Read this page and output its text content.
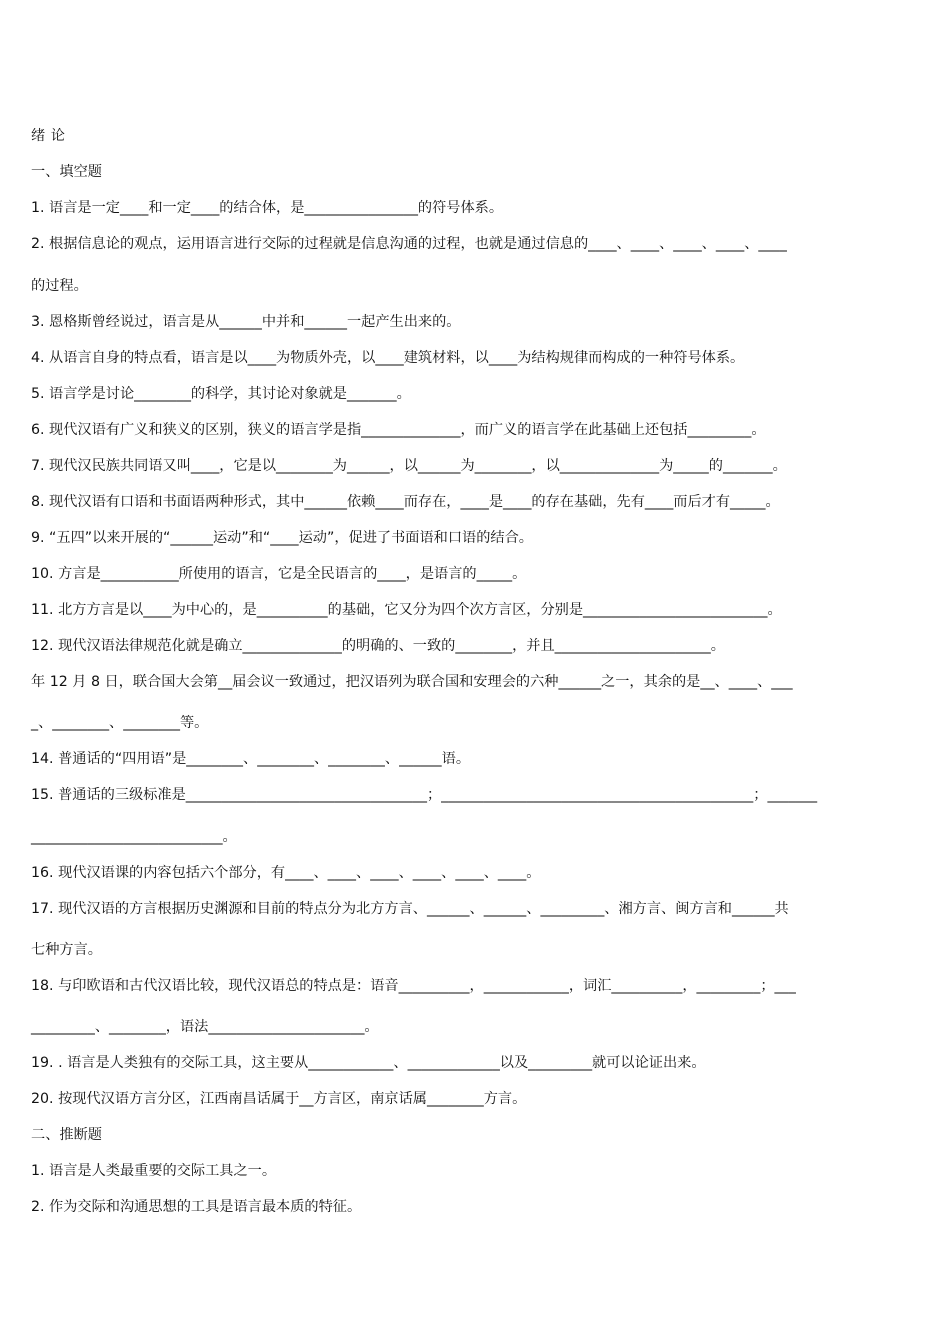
绪 论

一、填空题

1. 语言是一定____和一定____的结合体，是________________的符号体系。

2. 根据信息论的观点，运用语言进行交际的过程就是信息沟通的过程，也就是通过信息的____、____、____、____、____

的过程。

3. 恩格斯曾经说过，语言是从______中并和______一起产生出来的。

4. 从语言自身的特点看，语言是以____为物质外壳，以____建筑材料，以____为结构规律而构成的一种符号体系。

5. 语言学是讨论________的科学，其讨论对象就是_______。

6. 现代汉语有广义和狭义的区别，狭义的语言学是指______________，而广义的语言学在此基础上还包括_________。

7. 现代汉民族共同语又叫____，它是以________为______，以______为________，以______________为_____的_______。

8. 现代汉语有口语和书面语两种形式，其中______依赖____而存在，____是____的存在基础，先有____而后才有_____。

9. “五四”以来开展的“______运动”和“____运动”，促进了书面语和口语的结合。

10. 方言是___________所使用的语言，它是全民语言的____，是语言的_____。

11. 北方方言是以____为中心的，是__________的基础，它又分为四个次方言区，分别是__________________________。

12. 现代汉语法律规范化就是确立______________的明确的、一致的________，并且______________________。

年 12 月 8 日，联合国大会第__届会议一致通过，把汉语列为联合国和安理会的六种______之一，其余的是__、____、___

_、________、________等。

14. 普通话的“四用语”是________、________、________、______语。

15. 普通话的三级标准是__________________________________；____________________________________________；_______

___________________________。

16. 现代汉语课的内容包括六个部分，有____、____、____、____、____、____。

17. 现代汉语的方言根据历史渊源和目前的特点分为北方方言、______、______、_________、湘方言、闽方言和______共

七种方言。

18. 与印欧语和古代汉语比较，现代汉语总的特点是：语音__________，____________，词汇__________，_________；___

_________、________，语法______________________。

19. . 语言是人类独有的交际工具，这主要从____________、_____________以及_________就可以论证出来。

20. 按现代汉语方言分区，江西南昌话属于__方言区，南京话属________方言。

二、推断题

1. 语言是人类最重要的交际工具之一。

2. 作为交际和沟通思想的工具是语言最本质的特征。
